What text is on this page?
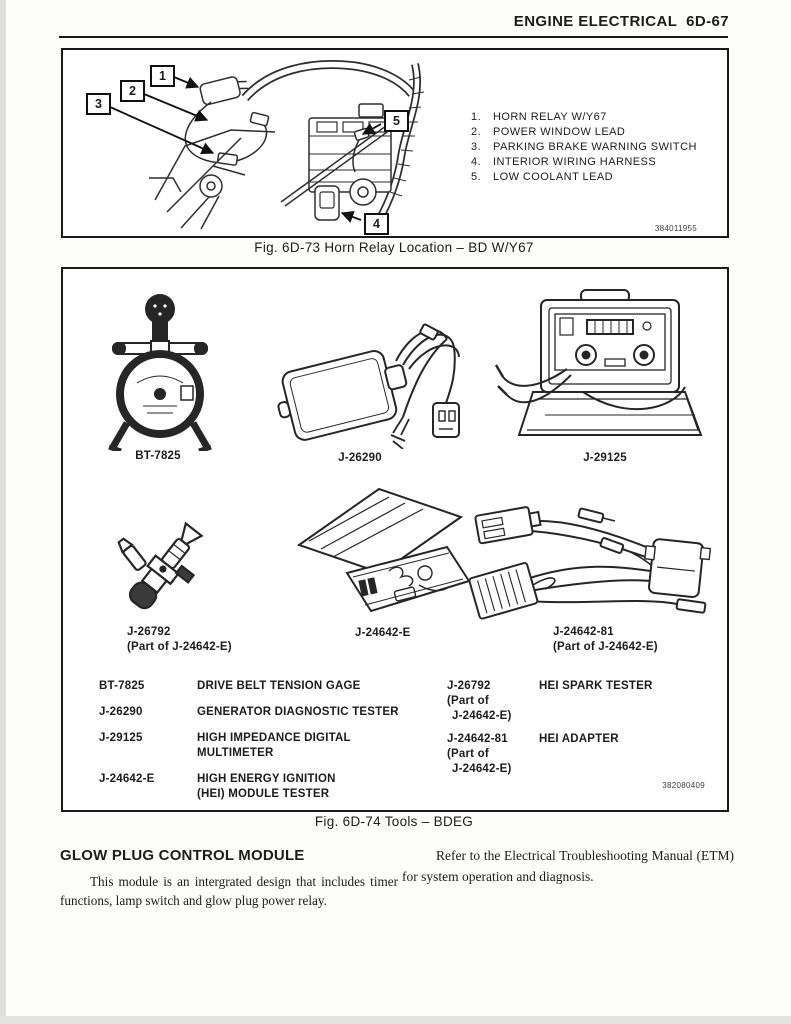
ENGINE ELECTRICAL  6D-67
1
2
3
4
5	1.	HORN RELAY W/Y67
2.	POWER WINDOW LEAD
3.	PARKING BRAKE WARNING SWITCH
4.	INTERIOR WIRING HARNESS
5.	LOW COOLANT LEAD
384011955
Fig. 6D-73 Horn Relay Location – BD W/Y67
BT-7825	J-26290	J-29125
J-26792
(Part of J-24642-E)
J-24642-E	J-24642-81
(Part of J-24642-E)
BT-7825	DRIVE BELT TENSION GAGE
J-26290	GENERATOR DIAGNOSTIC TESTER
J-29125	HIGH IMPEDANCE DIGITAL
MULTIMETER
J-24642-E	HIGH ENERGY IGNITION
(HEI) MODULE TESTER
J-26792
(Part of
J-24642-E)
HEI SPARK TESTER
J-24642-81
(Part of
J-24642-E)
HEI ADAPTER
382080409
Fig. 6D-74 Tools – BDEG
GLOW PLUG CONTROL MODULE
This module is an intergrated design that includes timer functions, lamp switch and glow plug power relay.
Refer to the Electrical Troubleshooting Manual (ETM) for system operation and diagnosis.
